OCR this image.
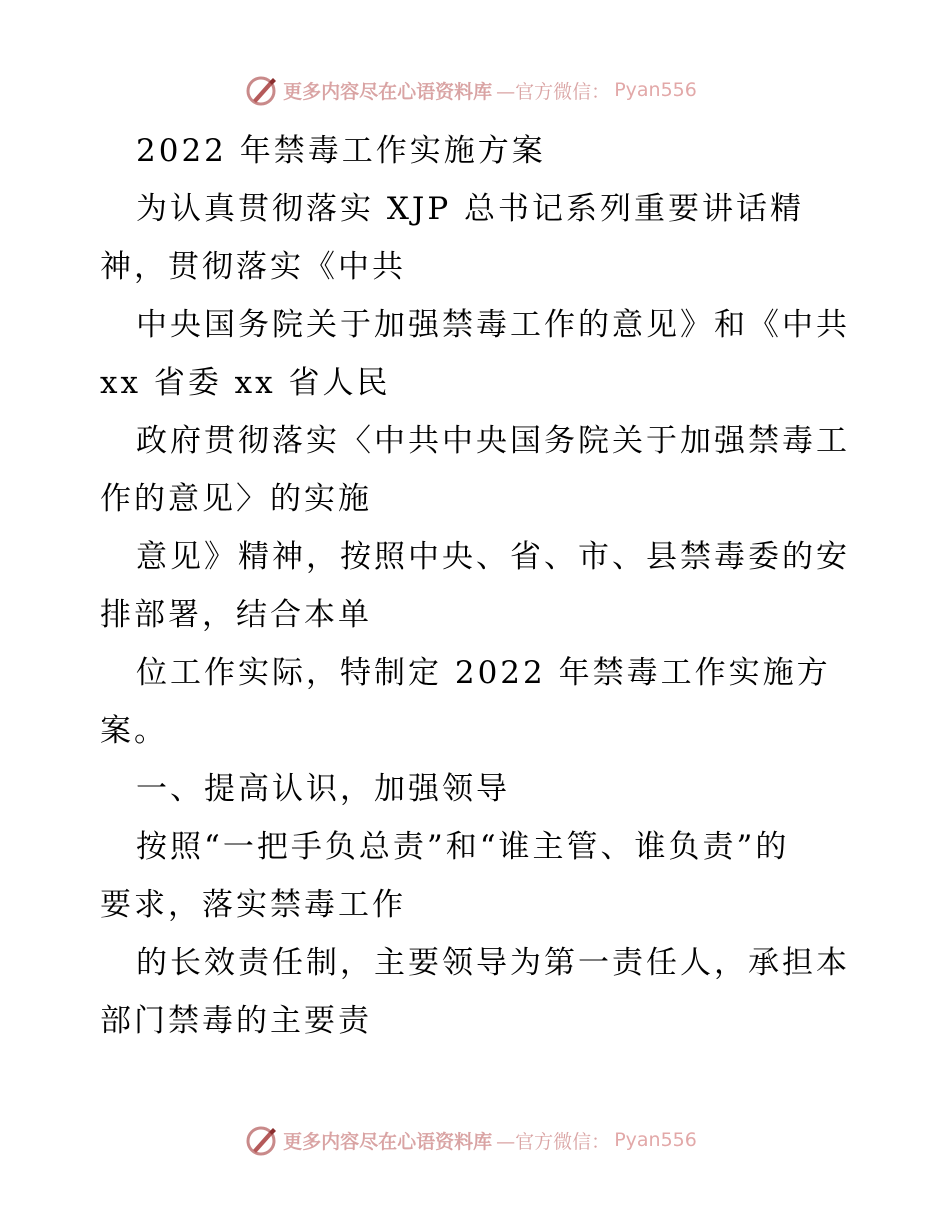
更多内容尽在心语资料库 —官方微信： Pyan556
2022 年禁毒工作实施方案
为认真贯彻落实 XJP 总书记系列重要讲话精
神，贯彻落实《中共
中央国务院关于加强禁毒工作的意见》和《中共
xx 省委 xx 省人民
政府贯彻落实〈中共中央国务院关于加强禁毒工
作的意见〉的实施
意见》精神，按照中央、省、市、县禁毒委的安
排部署，结合本单
位工作实际，特制定 2022 年禁毒工作实施方
案。
一、提高认识，加强领导
按照“一把手负总责”和“谁主管、谁负责”的
要求，落实禁毒工作
的长效责任制，主要领导为第一责任人，承担本
部门禁毒的主要责
更多内容尽在心语资料库 —官方微信： Pyan556
